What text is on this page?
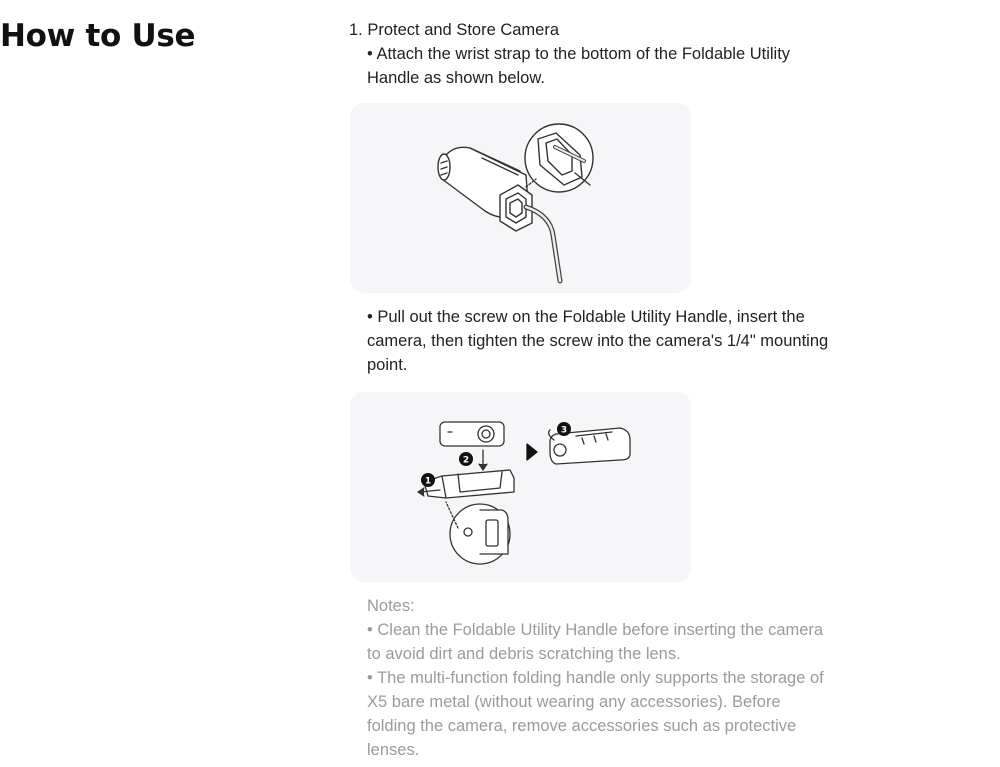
How to Use	1. Protect and Store Camera

• Attach the wrist strap to the bottom of the Foldable Utility Handle as shown below.

• Pull out the screw on the Foldable Utility Handle, insert the camera, then tighten the screw into the camera's 1/4" mounting point.

1
2
3

Notes:

• Clean the Foldable Utility Handle before inserting the camera to avoid dirt and debris scratching the lens.

• The multi-function folding handle only supports the storage of X5 bare metal (without wearing any accessories). Before folding the camera, remove accessories such as protective lenses.
